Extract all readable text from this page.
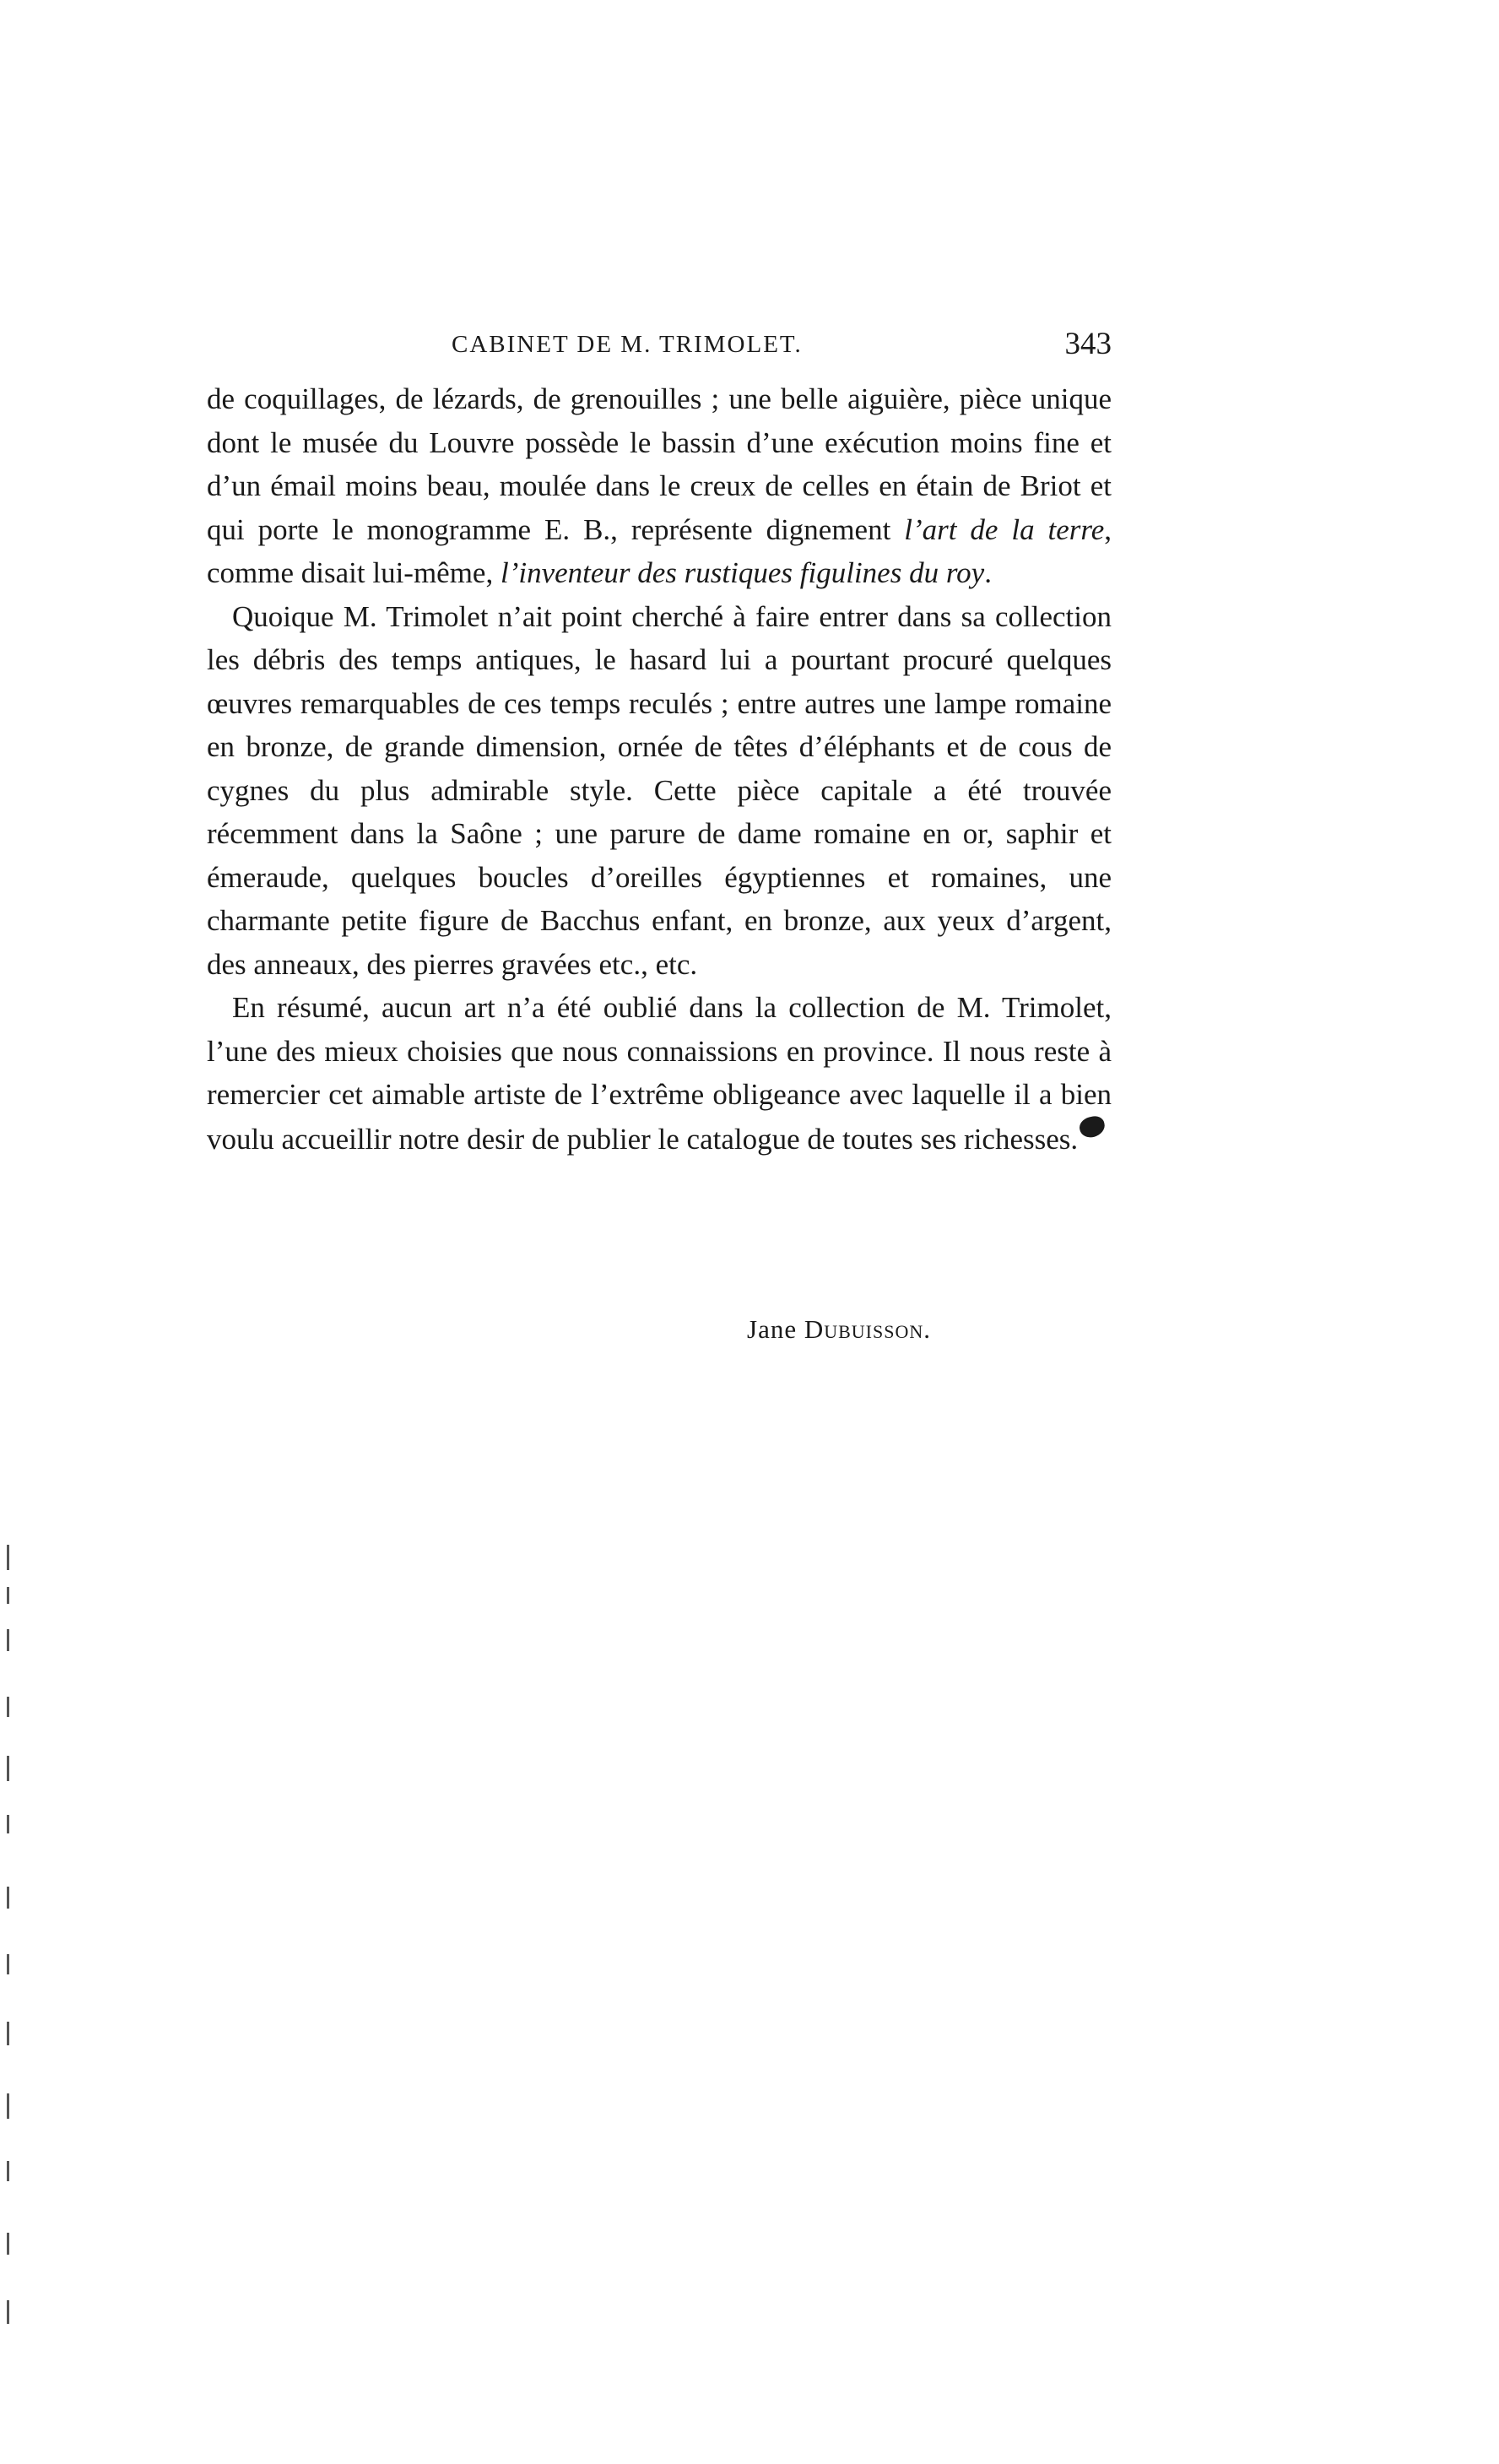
CABINET DE M. TRIMOLET.	343

de coquillages, de lézards, de grenouilles ; une belle aiguière, pièce unique dont le musée du Louvre possède le bassin d’une exécution moins fine et d’un émail moins beau, moulée dans le creux de celles en étain de Briot et qui porte le monogramme E. B., représente dignement l’art de la terre, comme disait lui-même, l’inventeur des rustiques figulines du roy.

Quoique M. Trimolet n’ait point cherché à faire entrer dans sa collection les débris des temps antiques, le hasard lui a pourtant procuré quelques œuvres remarquables de ces temps reculés ; entre autres une lampe romaine en bronze, de grande dimension, ornée de têtes d’éléphants et de cous de cygnes du plus admirable style. Cette pièce capitale a été trouvée récemment dans la Saône ; une parure de dame romaine en or, saphir et émeraude, quelques boucles d’oreilles égyptiennes et romaines, une charmante petite figure de Bacchus enfant, en bronze, aux yeux d’argent, des anneaux, des pierres gravées etc., etc.

En résumé, aucun art n’a été oublié dans la collection de M. Trimolet, l’une des mieux choisies que nous connaissions en province. Il nous reste à remercier cet aimable artiste de l’extrême obligeance avec laquelle il a bien voulu accueillir notre desir de publier le catalogue de toutes ses richesses.

Jane Dubuisson.
